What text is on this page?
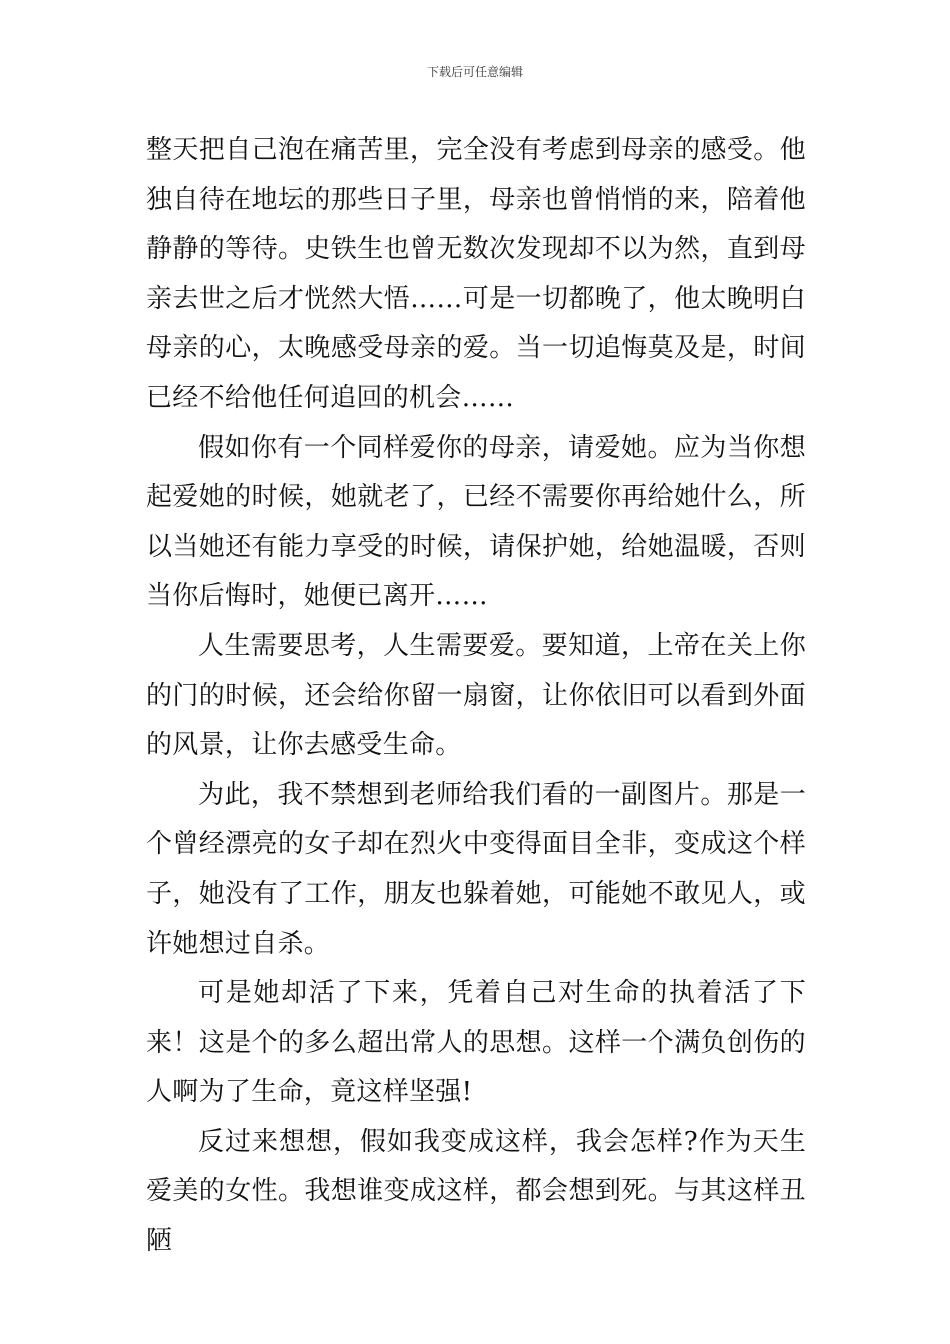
下载后可任意编辑

整天把自己泡在痛苦里，完全没有考虑到母亲的感受。他独自待在地坛的那些日子里，母亲也曾悄悄的来，陪着他静静的等待。史铁生也曾无数次发现却不以为然，直到母亲去世之后才恍然大悟……可是一切都晚了，他太晚明白母亲的心，太晚感受母亲的爱。当一切追悔莫及是，时间已经不给他任何追回的机会……

假如你有一个同样爱你的母亲，请爱她。应为当你想起爱她的时候，她就老了，已经不需要你再给她什么，所以当她还有能力享受的时候，请保护她，给她温暖，否则当你后悔时，她便已离开……

人生需要思考，人生需要爱。要知道，上帝在关上你的门的时候，还会给你留一扇窗，让你依旧可以看到外面的风景，让你去感受生命。

为此，我不禁想到老师给我们看的一副图片。那是一个曾经漂亮的女子却在烈火中变得面目全非，变成这个样子，她没有了工作，朋友也躲着她，可能她不敢见人，或许她想过自杀。

可是她却活了下来，凭着自己对生命的执着活了下来！这是个的多么超出常人的思想。这样一个满负创伤的人啊为了生命，竟这样坚强!

反过来想想，假如我变成这样，我会怎样?作为天生爱美的女性。我想谁变成这样，都会想到死。与其这样丑陋
